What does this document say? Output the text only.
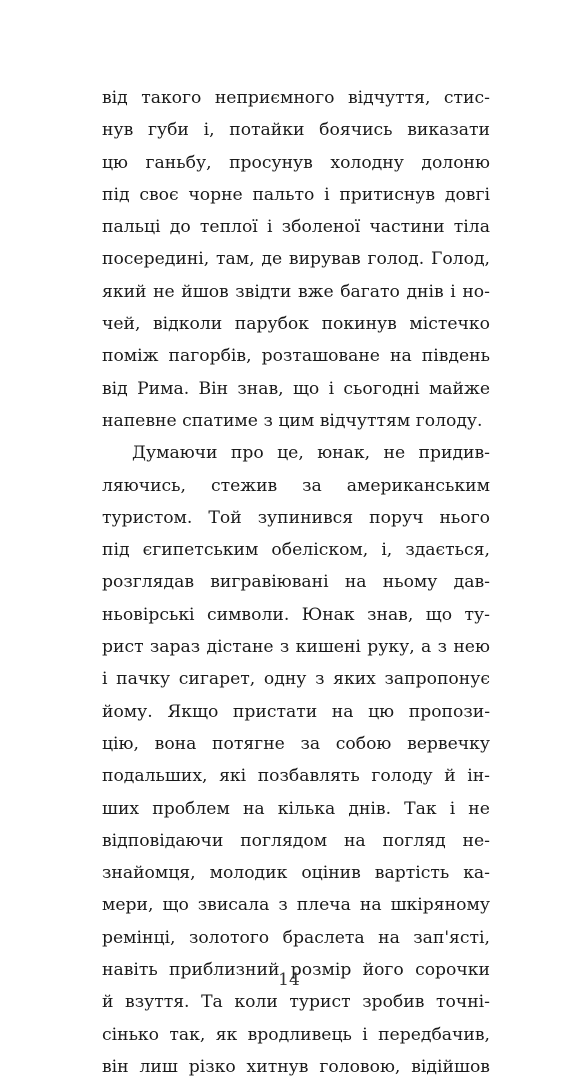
від такого неприємного відчуття, стис-
нув губи і, потайки боячись виказати
цю ганьбу, просунув холодну долоню
під своє чорне пальто і притиснув довгі
пальці до теплої і зболеної частини тіла
посередині, там, де вирував голод. Голод,
який не йшов звідти вже багато днів і но-
чей, відколи парубок покинув містечко
поміж пагорбів, розташоване на південь
від Рима. Він знав, що і сьогодні майже
напевне спатиме з цим відчуттям голоду.
Думаючи про це, юнак, не придив-
ляючись, стежив за американським
туристом. Той зупинився поруч нього
під єгипетським обеліском, і, здається,
розглядав вигравіювані на ньому дав-
ньовірські символи. Юнак знав, що ту-
рист зараз дістане з кишені руку, а з нею
і пачку сигарет, одну з яких запропонує
йому. Якщо пристати на цю пропози-
цію, вона потягне за собою вервечку
подальших, які позбавлять голоду й ін-
ших проблем на кілька днів. Так і не
відповідаючи поглядом на погляд не-
знайомця, молодик оцінив вартість ка-
мери, що звисала з плеча на шкіряному
ремінці, золотого браслета на зап'ясті,
навіть приблизний розмір його сорочки
й взуття. Та коли турист зробив точні-
сінько так, як вродливець і передбачив,
він лиш різко хитнув головою, відійшов
14
